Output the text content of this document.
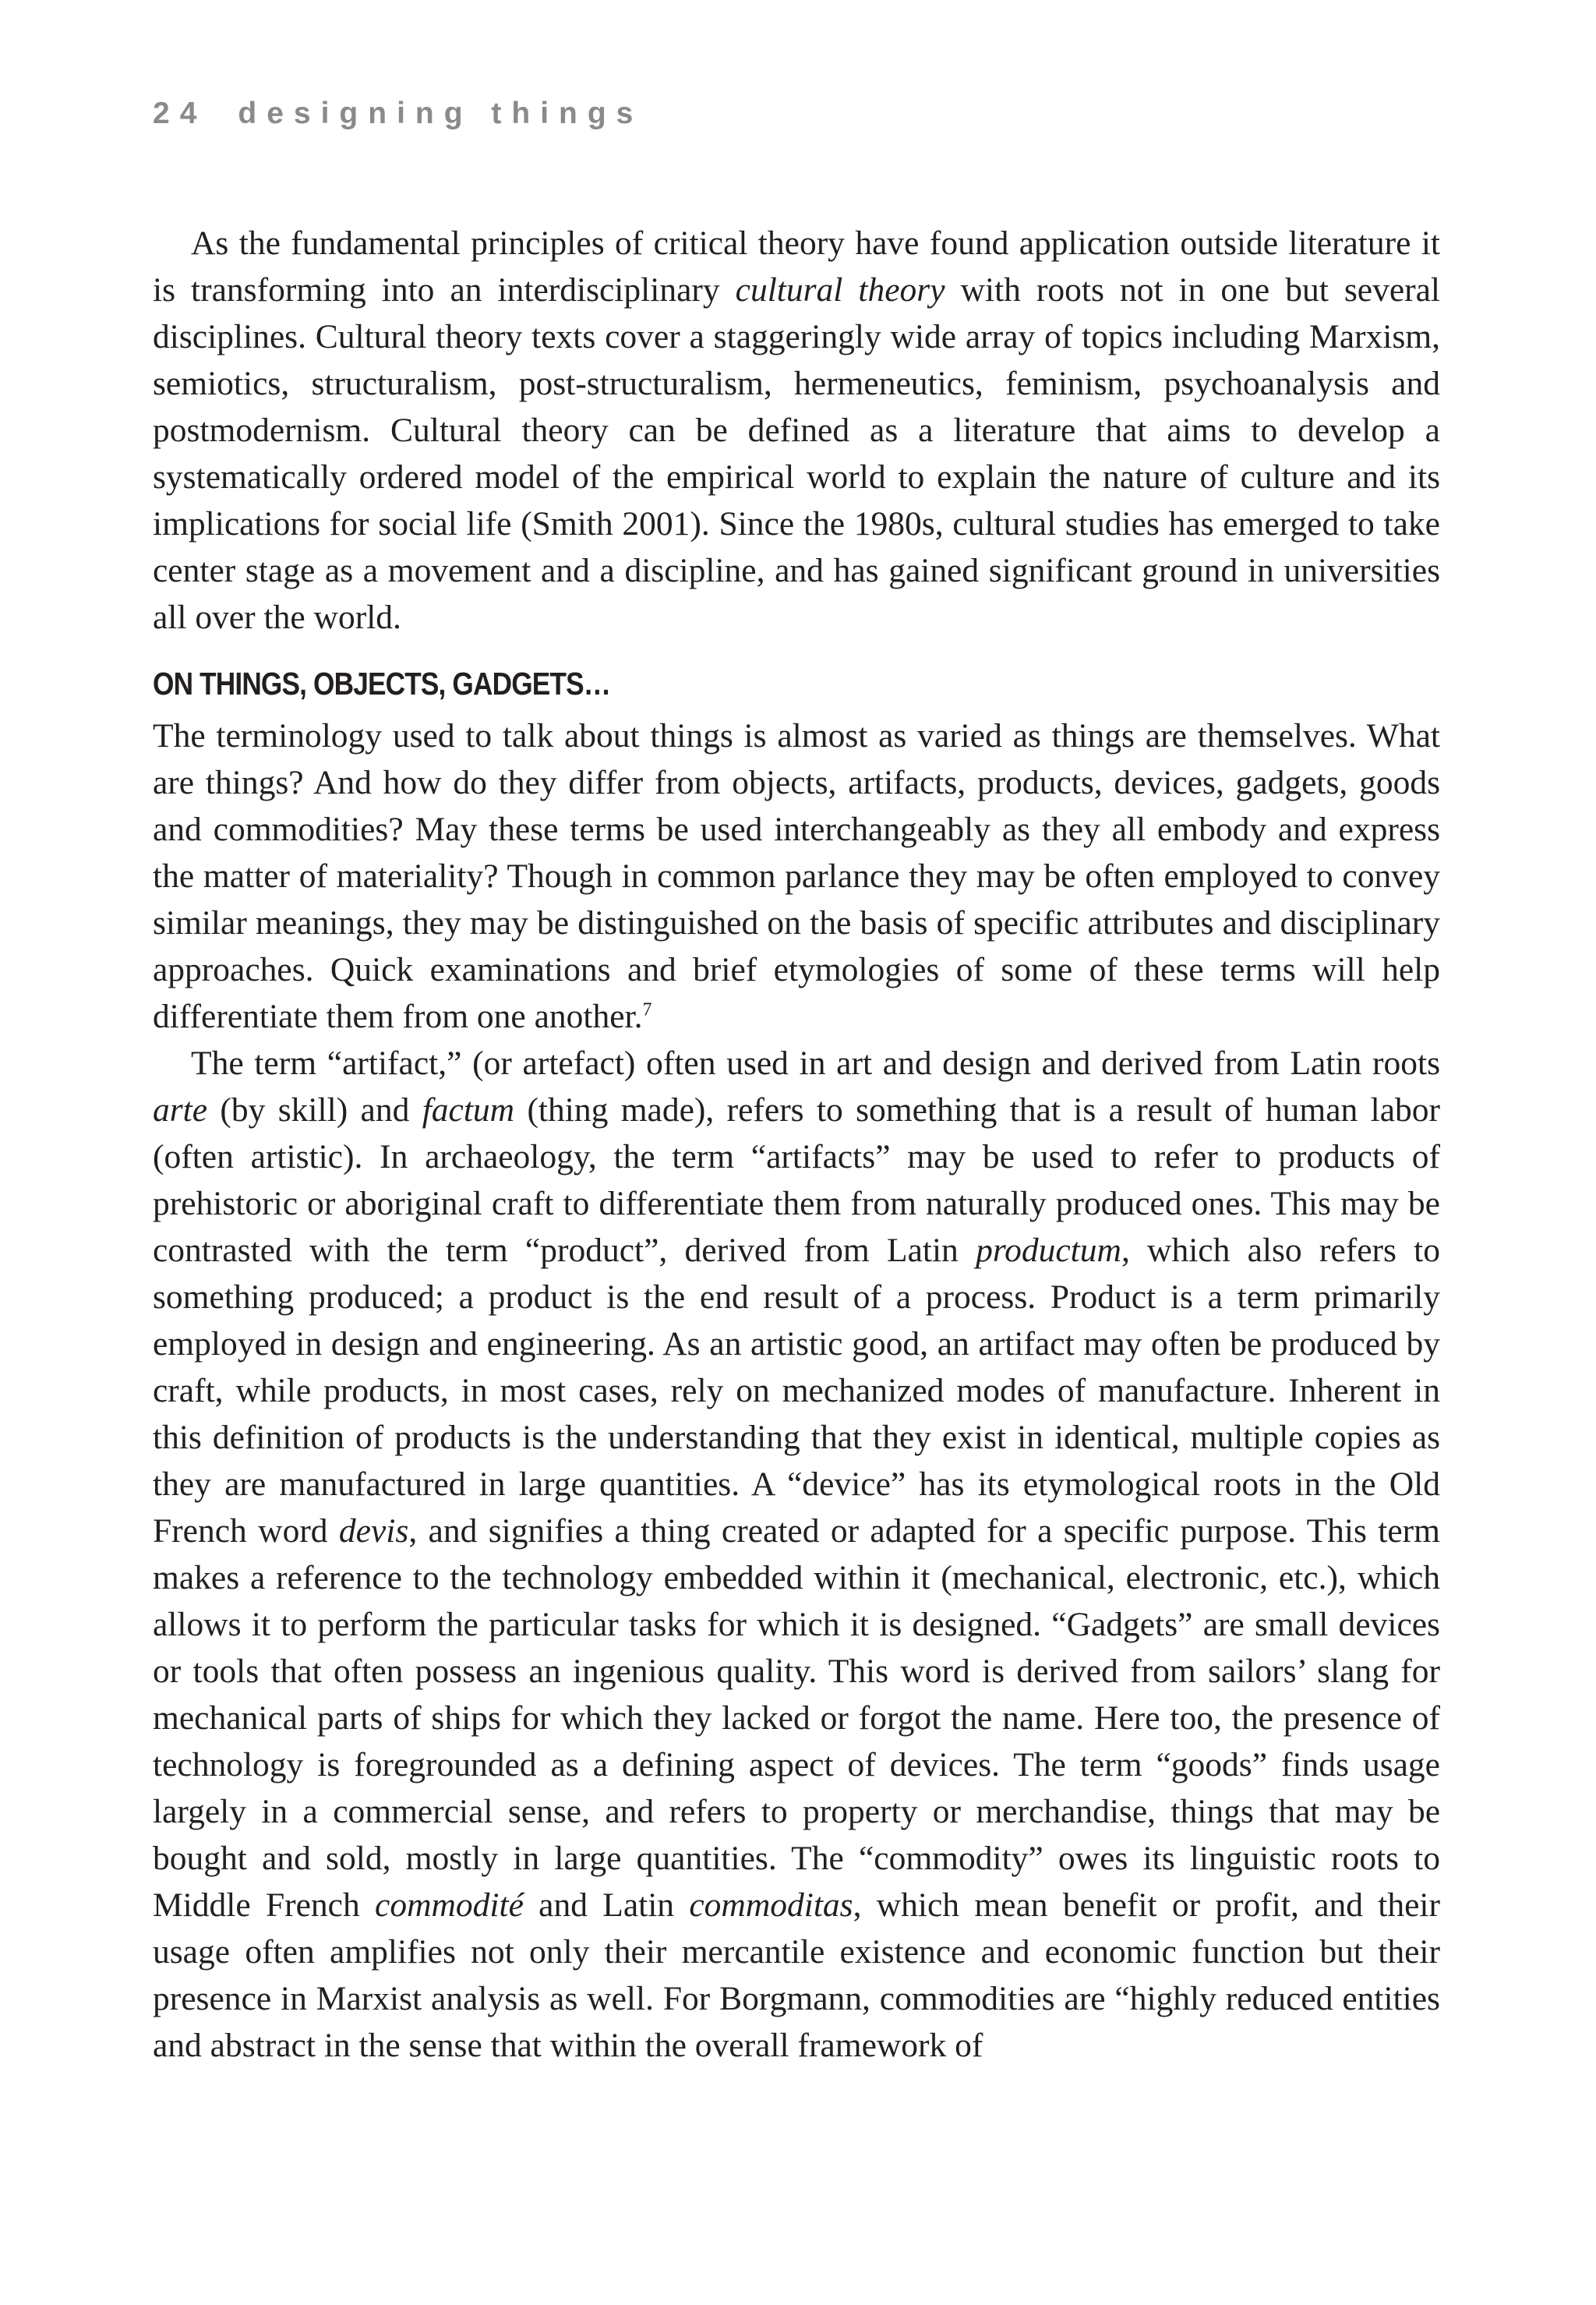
24 designing things

As the fundamental principles of critical theory have found application outside literature it is transforming into an interdisciplinary cultural theory with roots not in one but several disciplines. Cultural theory texts cover a staggeringly wide array of topics including Marxism, semiotics, structuralism, post-structuralism, hermeneutics, feminism, psychoanalysis and postmodernism. Cultural theory can be defined as a literature that aims to develop a systematically ordered model of the empirical world to explain the nature of culture and its implications for social life (Smith 2001). Since the 1980s, cultural studies has emerged to take center stage as a movement and a discipline, and has gained significant ground in universities all over the world.

ON THINGS, OBJECTS, GADGETS…

The terminology used to talk about things is almost as varied as things are themselves. What are things? And how do they differ from objects, artifacts, products, devices, gadgets, goods and commodities? May these terms be used interchangeably as they all embody and express the matter of materiality? Though in common parlance they may be often employed to convey similar meanings, they may be distinguished on the basis of specific attributes and disciplinary approaches. Quick examinations and brief etymologies of some of these terms will help differentiate them from one another.$^7$

The term “artifact,” (or artefact) often used in art and design and derived from Latin roots arte (by skill) and factum (thing made), refers to something that is a result of human labor (often artistic). In archaeology, the term “artifacts” may be used to refer to products of prehistoric or aboriginal craft to differentiate them from naturally produced ones. This may be contrasted with the term “product”, derived from Latin productum, which also refers to something produced; a product is the end result of a process. Product is a term primarily employed in design and engineering. As an artistic good, an artifact may often be produced by craft, while products, in most cases, rely on mechanized modes of manufacture. Inherent in this definition of products is the understanding that they exist in identical, multiple copies as they are manufactured in large quantities. A “device” has its etymological roots in the Old French word devis, and signifies a thing created or adapted for a specific purpose. This term makes a reference to the technology embedded within it (mechanical, electronic, etc.), which allows it to perform the particular tasks for which it is designed. “Gadgets” are small devices or tools that often possess an ingenious quality. This word is derived from sailors’ slang for mechanical parts of ships for which they lacked or forgot the name. Here too, the presence of technology is foregrounded as a defining aspect of devices. The term “goods” finds usage largely in a commercial sense, and refers to property or merchandise, things that may be bought and sold, mostly in large quantities. The “commodity” owes its linguistic roots to Middle French commodité and Latin commoditas, which mean benefit or profit, and their usage often amplifies not only their mercantile existence and economic function but their presence in Marxist analysis as well. For Borgmann, commodities are “highly reduced entities and abstract in the sense that within the overall framework of
